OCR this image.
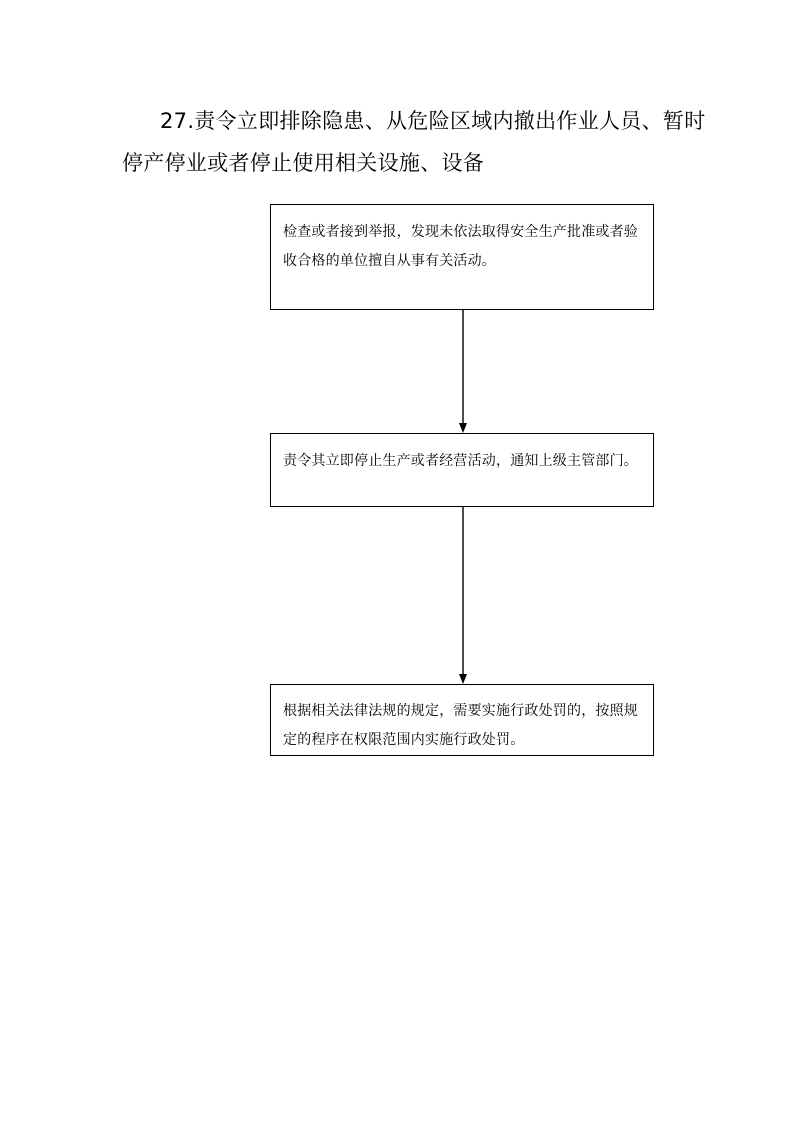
27.责令立即排除隐患、从危险区域内撤出作业人员、暂时停产停业或者停止使用相关设施、设备
检查或者接到举报，发现未依法取得安全生产批准或者验收合格的单位擅自从事有关活动。
责令其立即停止生产或者经营活动，通知上级主管部门。
根据相关法律法规的规定，需要实施行政处罚的，按照规定的程序在权限范围内实施行政处罚。
